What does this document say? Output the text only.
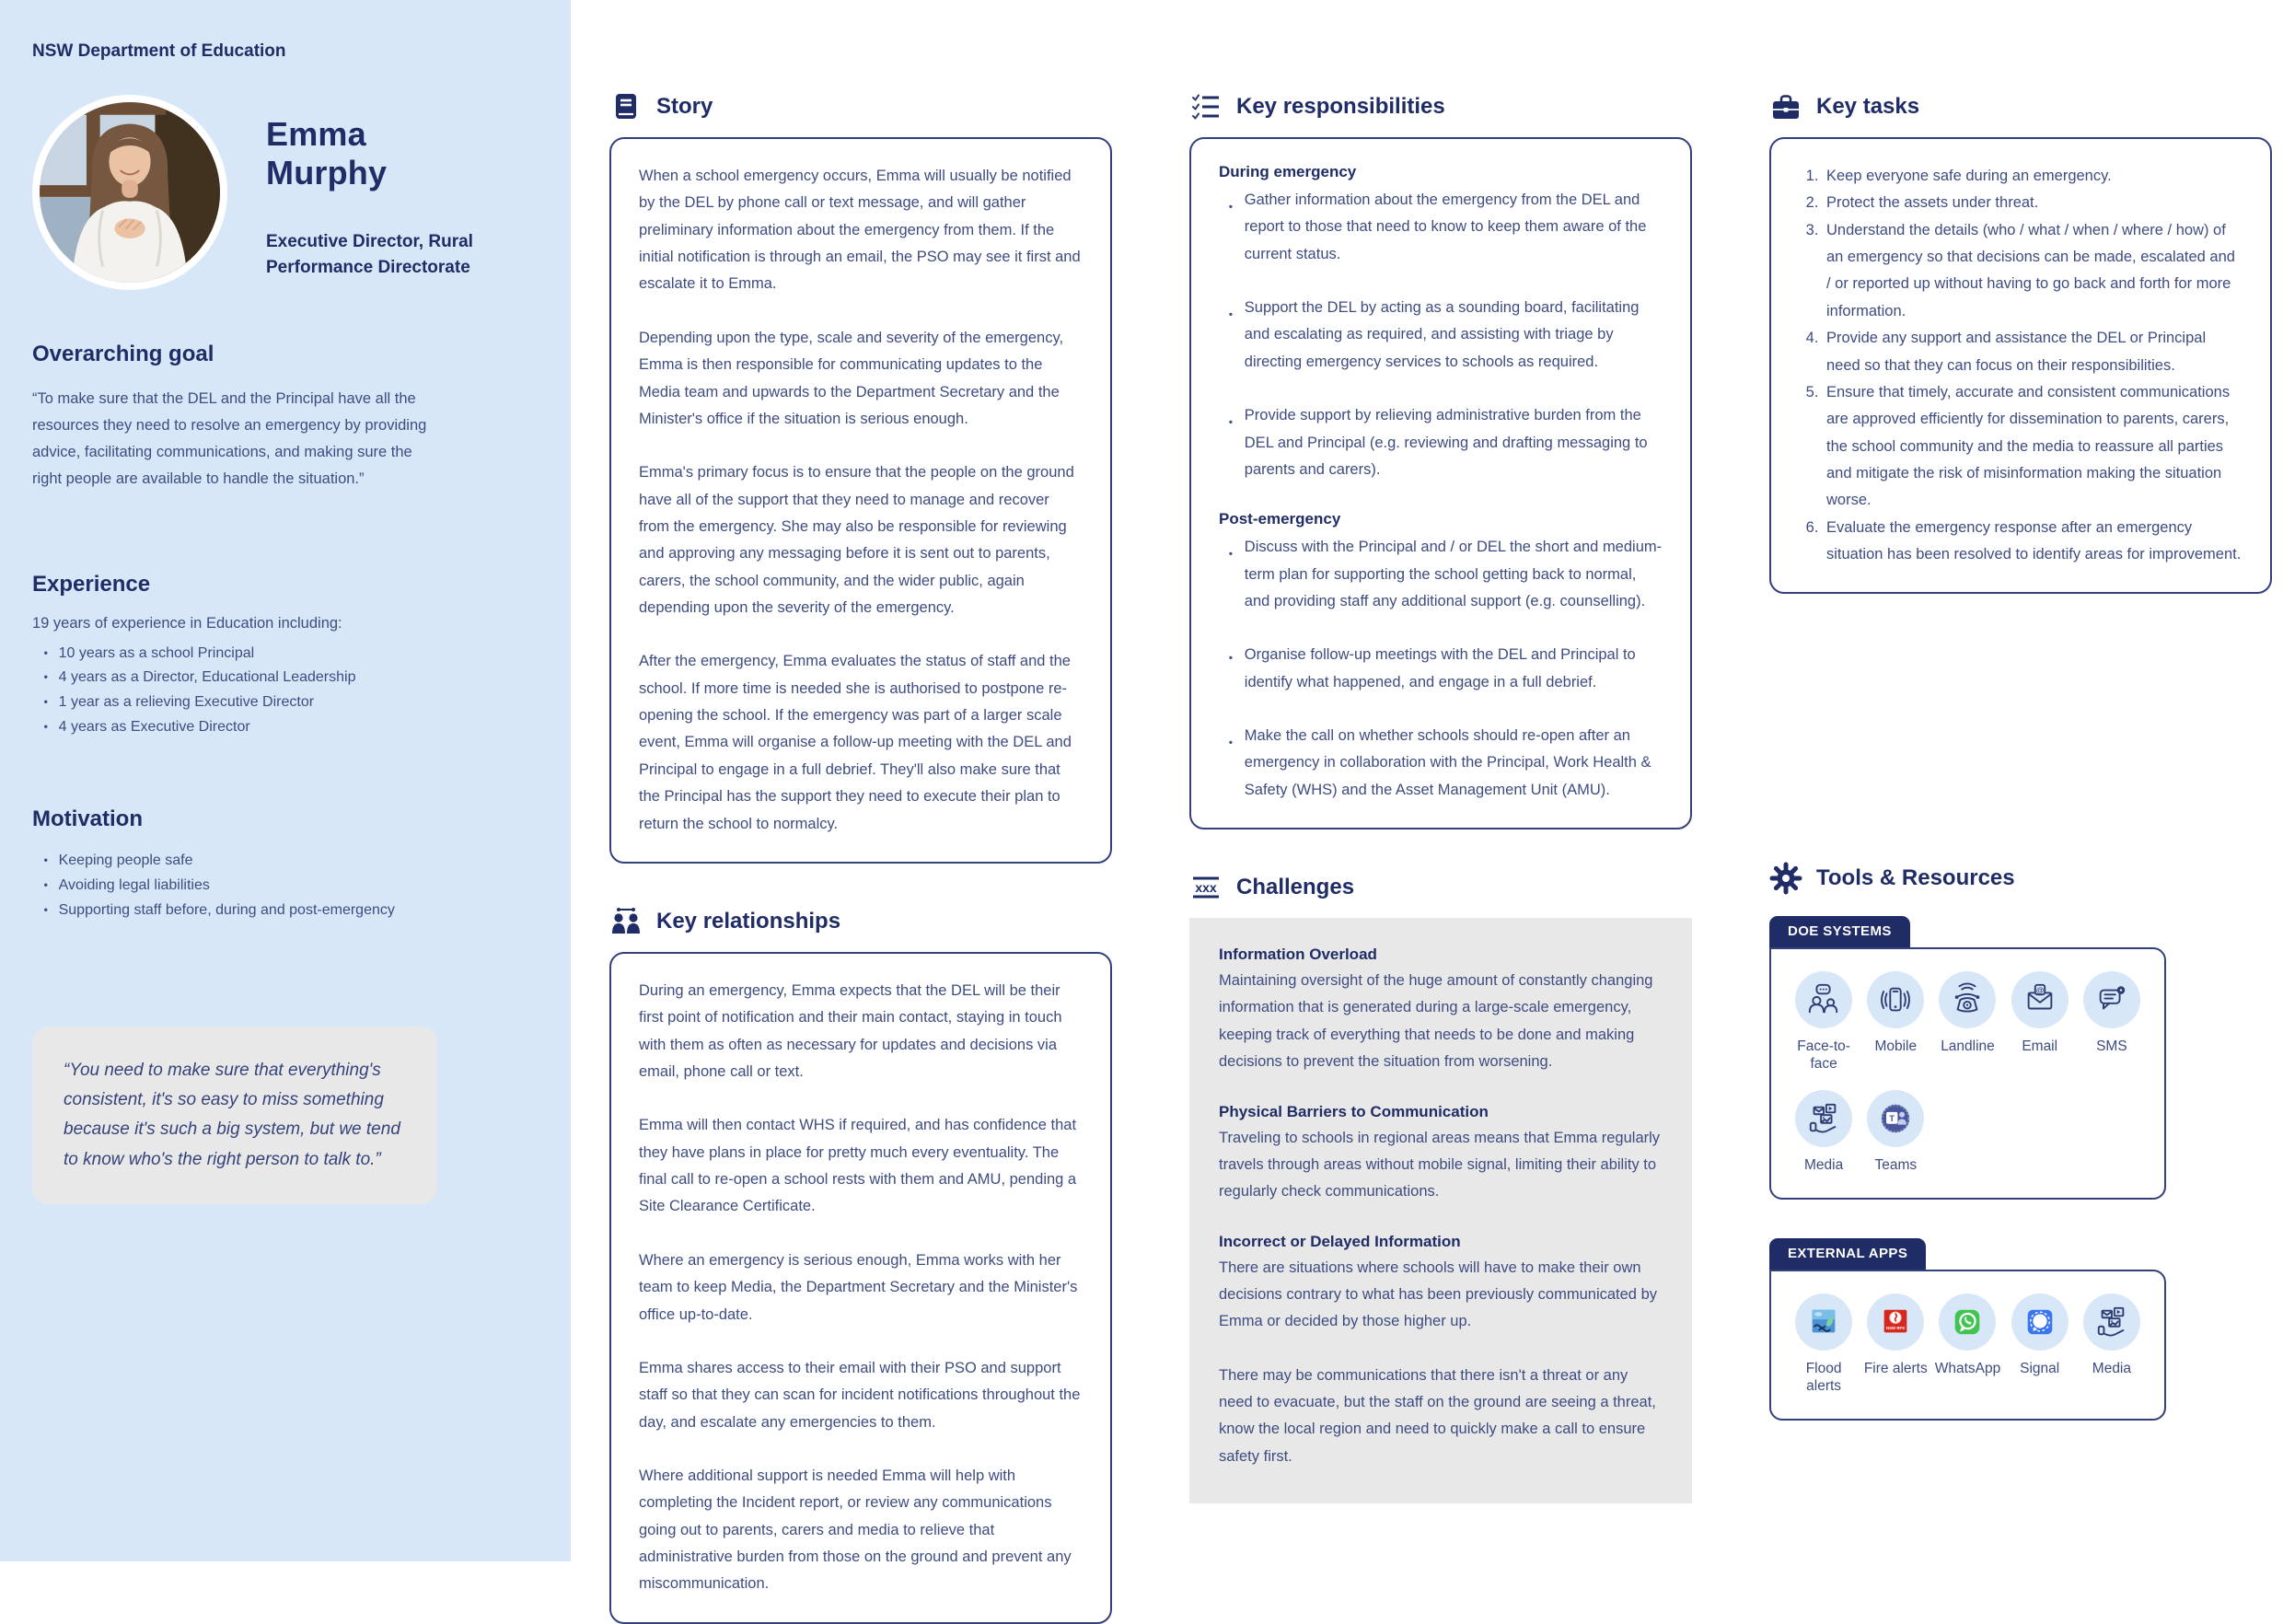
NSW Department of Education
Emma Murphy
Executive Director, Rural Performance Directorate
Overarching goal

“To make sure that the DEL and the Principal have all the resources they need to resolve an emergency by providing advice, facilitating communications, and making sure the right people are available to handle the situation.”

Experience

19 years of experience in Education including:

• 10 years as a school Principal
• 4 years as a Director, Educational Leadership
• 1 year as a relieving Executive Director
• 4 years as Executive Director
Motivation
• Keeping people safe
• Avoiding legal liabilities
• Supporting staff before, during and post-emergency
“You need to make sure that everything's consistent, it's so easy to miss something because it's such a big system, but we tend to know who's the right person to talk to.”
Story

When a school emergency occurs, Emma will usually be notified by the DEL by phone call or text message, and will gather preliminary information about the emergency from them. If the initial notification is through an email, the PSO may see it first and escalate it to Emma.

Depending upon the type, scale and severity of the emergency, Emma is then responsible for communicating updates to the Media team and upwards to the Department Secretary and the Minister's office if the situation is serious enough.

Emma's primary focus is to ensure that the people on the ground have all of the support that they need to manage and recover from the emergency. She may also be responsible for reviewing and approving any messaging before it is sent out to parents, carers, the school community, and the wider public, again depending upon the severity of the emergency.

After the emergency, Emma evaluates the status of staff and the school. If more time is needed she is authorised to postpone re-opening the school. If the emergency was part of a larger scale event, Emma will organise a follow-up meeting with the DEL and Principal to engage in a full debrief. They'll also make sure that the Principal has the support they need to execute their plan to return the school to normalcy.

Key relationships

During an emergency, Emma expects that the DEL will be their first point of notification and their main contact, staying in touch with them as often as necessary for updates and decisions via email, phone call or text.

Emma will then contact WHS if required, and has confidence that they have plans in place for pretty much every eventuality. The final call to re-open a school rests with them and AMU, pending a Site Clearance Certificate.

Where an emergency is serious enough, Emma works with her team to keep Media, the Department Secretary and the Minister's office up-to-date.

Emma shares access to their email with their PSO and support staff so that they can scan for incident notifications throughout the day, and escalate any emergencies to them.

Where additional support is needed Emma will help with completing the Incident report, or review any communications going out to parents, carers and media to relieve that administrative burden from those on the ground and prevent any miscommunication.

Key responsibilities
During emergency
• Gather information about the emergency from the DEL and report to those that need to know to keep them aware of the current status.
• Support the DEL by acting as a sounding board, facilitating and escalating as required, and assisting with triage by directing emergency services to schools as required.
• Provide support by relieving administrative burden from the DEL and Principal (e.g. reviewing and drafting messaging to parents and carers).
Post-emergency
• Discuss with the Principal and / or DEL the short and medium-term plan for supporting the school getting back to normal, and providing staff any additional support (e.g. counselling).
• Organise follow-up meetings with the DEL and Principal to identify what happened, and engage in a full debrief.
• Make the call on whether schools should re-open after an emergency in collaboration with the Principal, Work Health & Safety (WHS) and the Asset Management Unit (AMU).
xxx Challenges
Information Overload

Maintaining oversight of the huge amount of constantly changing information that is generated during a large-scale emergency, keeping track of everything that needs to be done and making decisions to prevent the situation from worsening.

Physical Barriers to Communication

Traveling to schools in regional areas means that Emma regularly travels through areas without mobile signal, limiting their ability to regularly check communications.

Incorrect or Delayed Information

There are situations where schools will have to make their own decisions contrary to what has been previously communicated by Emma or decided by those higher up.

There may be communications that there isn't a threat or any need to evacuate, but the staff on the ground are seeing a threat, know the local region and need to quickly make a call to ensure safety first.

Key tasks
1. Keep everyone safe during an emergency.
2. Protect the assets under threat.
3. Understand the details (who / what / when / where / how) of an emergency so that decisions can be made, escalated and / or reported up without having to go back and forth for more information.
4. Provide any support and assistance the DEL or Principal need so that they can focus on their responsibilities.
5. Ensure that timely, accurate and consistent communications are approved efficiently for dissemination to parents, carers, the school community and the media to reassure all parties and mitigate the risk of misinformation making the situation worse.
6. Evaluate the emergency response after an emergency situation has been resolved to identify areas for improvement.
Tools & Resources
DOE SYSTEMS
Face-to-face
Mobile Landline
@
Email	SMS
Media
T
Teams
EXTERNAL APPS
Flood alerts
NSW RFS
Fire alerts WhatsApp Signal Media
